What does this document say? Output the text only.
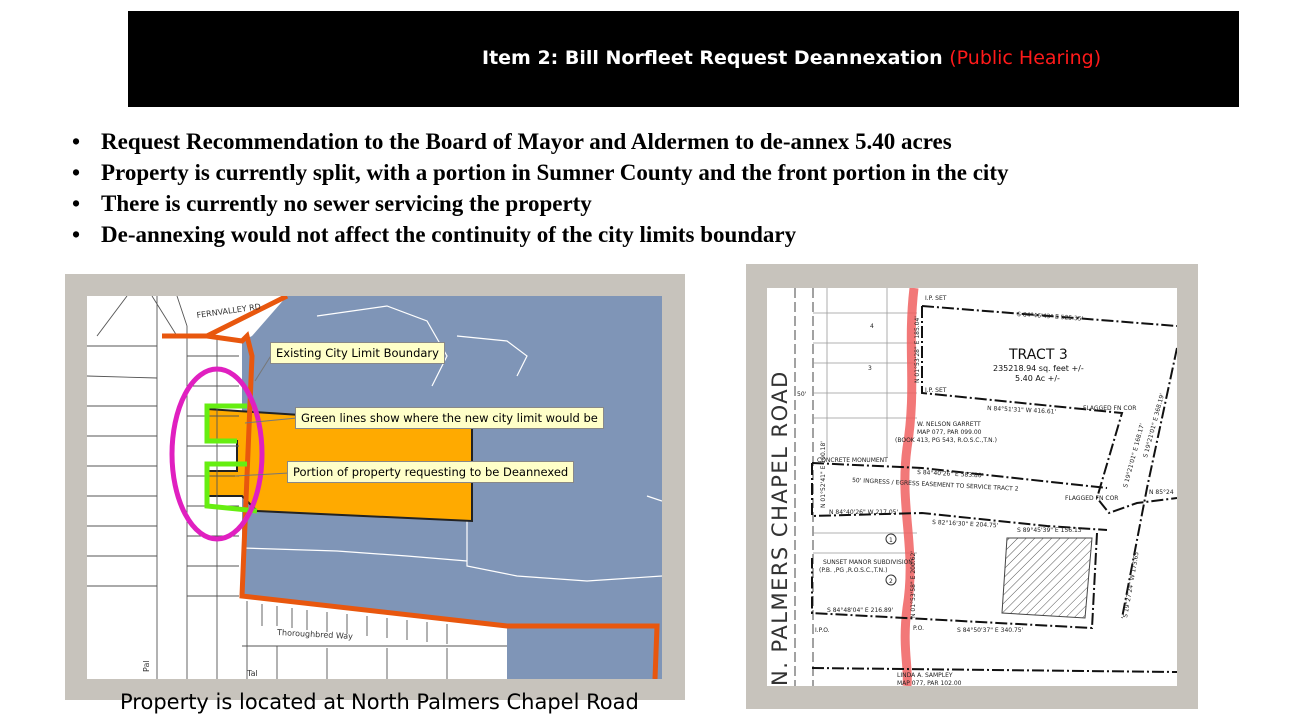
Item 2: Bill Norfleet Request Deannexation (Public Hearing)
• Request Recommendation to the Board of Mayor and Aldermen to de-annex 5.40 acres
• Property is currently split, with a portion in Sumner County and the front portion in the city
• There is currently no sewer servicing the property
• De-annexing would not affect the continuity of the city limits boundary
FERNVALLEY RD
Thoroughbred Way
Pal
Tal
Existing City Limit Boundary
Green lines show where the new city limit would be
Portion of property requesting to be Deannexed
Property is located at North Palmers Chapel Road
N. PALMERS CHAPEL ROAD
TRACT 3
235218.94 sq. feet +/-
5.40 Ac +/-
W. NELSON GARRETT
MAP 077, PAR 099.00
(BOOK 413, PG 543, R.O.S.C.,T.N.)
50' INGRESS / EGRESS EASEMENT TO SERVICE TRACT 2
SUNSET MANOR SUBDIVISION
(P.B. ,PG ,R.O.S.C.,T.N.)
LINDA A. SAMPLEY
MAP 077, PAR 102.00
I.P. SET
I.P. SET
FLAGGED FN COR
FLAGGED FN COR
CONCRETE MONUMENT
P.O.
I.P.O.
S 84°46'43" E 525.35'
N 84°51'31" W 416.61'
S 84°40'26" E 583.80'
N 84°40'26" W 217.05'
S 82°16'30" E 204.75'
S 89°45'39" E 156.13'
S 84°48'04" E 216.89'
S 84°50'37" E 340.75'
N 01°53'28" E 185.04'
N 01°52'41" E 100.18'
N 01°53'58" E 200.62'
S 19°21'01" E 368.19'
S 19°21'01" E 168.17'
S 19°27'24" W 173.65'
N 85°24
50'
4
3
1
2
